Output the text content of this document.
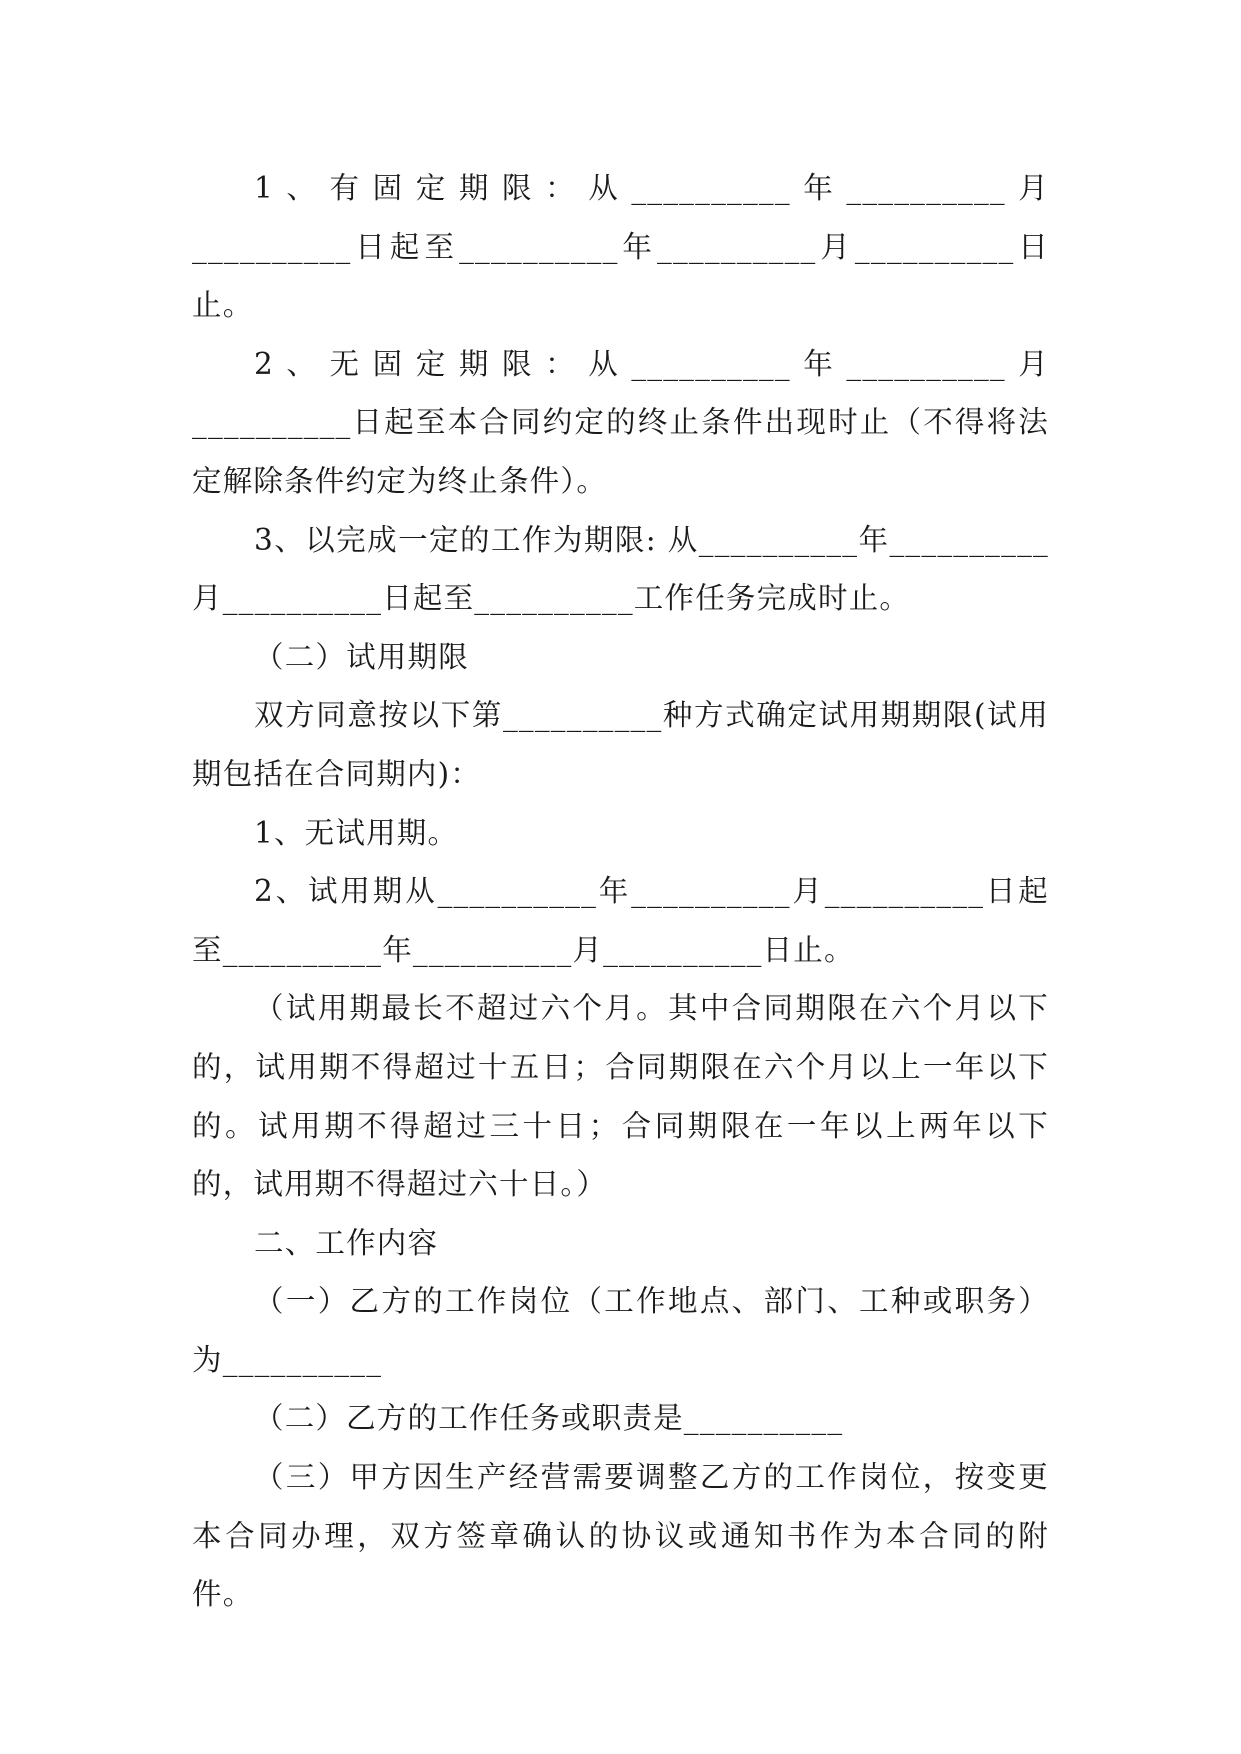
1、有固定期限：从__________年__________月__________日起至__________年__________月__________日止。

2、无固定期限：从__________年__________月__________日起至本合同约定的终止条件出现时止（不得将法定解除条件约定为终止条件）。

3、以完成一定的工作为期限: 从__________年__________月__________日起至__________工作任务完成时止。

（二）试用期限

双方同意按以下第__________种方式确定试用期期限(试用期包括在合同期内)：

1、无试用期。

2、试用期从__________年__________月__________日起至__________年__________月__________日止。

（试用期最长不超过六个月。其中合同期限在六个月以下的，试用期不得超过十五日；合同期限在六个月以上一年以下的。试用期不得超过三十日；合同期限在一年以上两年以下的，试用期不得超过六十日。）

二、工作内容

（一）乙方的工作岗位（工作地点、部门、工种或职务）为__________

（二）乙方的工作任务或职责是__________

（三）甲方因生产经营需要调整乙方的工作岗位，按变更本合同办理，双方签章确认的协议或通知书作为本合同的附件。
